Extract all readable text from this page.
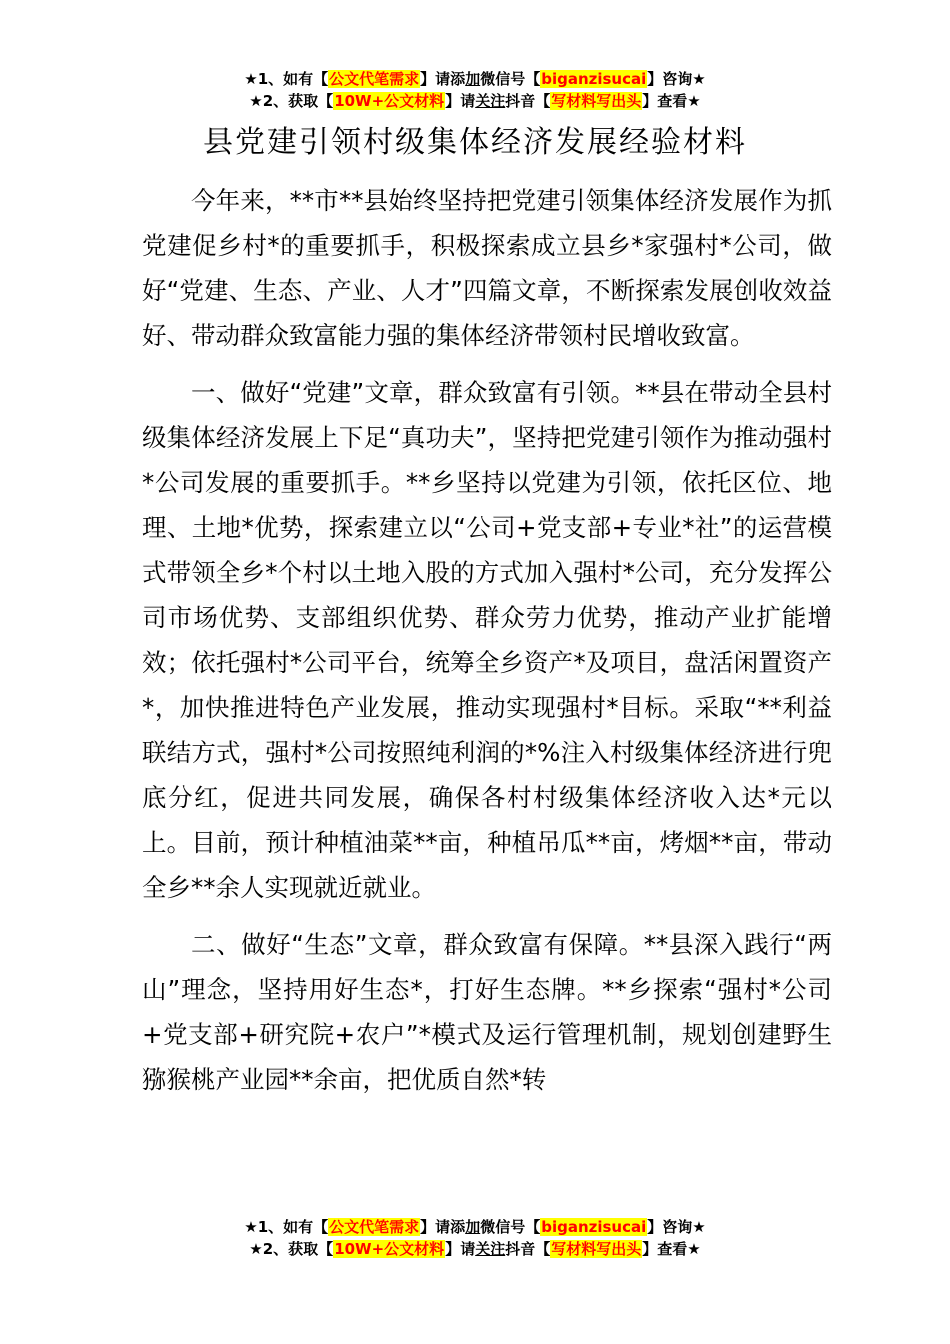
★1、如有【公文代笔需求】请添加微信号【biganzisucai】咨询★
★2、获取【10W+公文材料】请关注抖音【写材料写出头】查看★
县党建引领村级集体经济发展经验材料

今年来，**市**县始终坚持把党建引领集体经济发展作为抓党建促乡村*的重要抓手，积极探索成立县乡*家强村*公司，做好“党建、生态、产业、人才”四篇文章，不断探索发展创收效益好、带动群众致富能力强的集体经济带领村民增收致富。

一、做好“党建”文章，群众致富有引领。**县在带动全县村级集体经济发展上下足“真功夫”，坚持把党建引领作为推动强村*公司发展的重要抓手。**乡坚持以党建为引领，依托区位、地理、土地*优势，探索建立以“公司+党支部+专业*社”的运营模式带领全乡*个村以土地入股的方式加入强村*公司，充分发挥公司市场优势、支部组织优势、群众劳力优势，推动产业扩能增效；依托强村*公司平台，统筹全乡资产*及项目，盘活闲置资产*，加快推进特色产业发展，推动实现强村*目标。采取“**利益联结方式，强村*公司按照纯利润的*%注入村级集体经济进行兜底分红，促进共同发展，确保各村村级集体经济收入达*元以上。目前，预计种植油菜**亩，种植吊瓜**亩，烤烟**亩，带动全乡**余人实现就近就业。

二、做好“生态”文章，群众致富有保障。**县深入践行“两山”理念，坚持用好生态*，打好生态牌。**乡探索“强村*公司+党支部+研究院+农户”*模式及运行管理机制，规划创建野生猕猴桃产业园**余亩，把优质自然*转

★1、如有【公文代笔需求】请添加微信号【biganzisucai】咨询★
★2、获取【10W+公文材料】请关注抖音【写材料写出头】查看★
